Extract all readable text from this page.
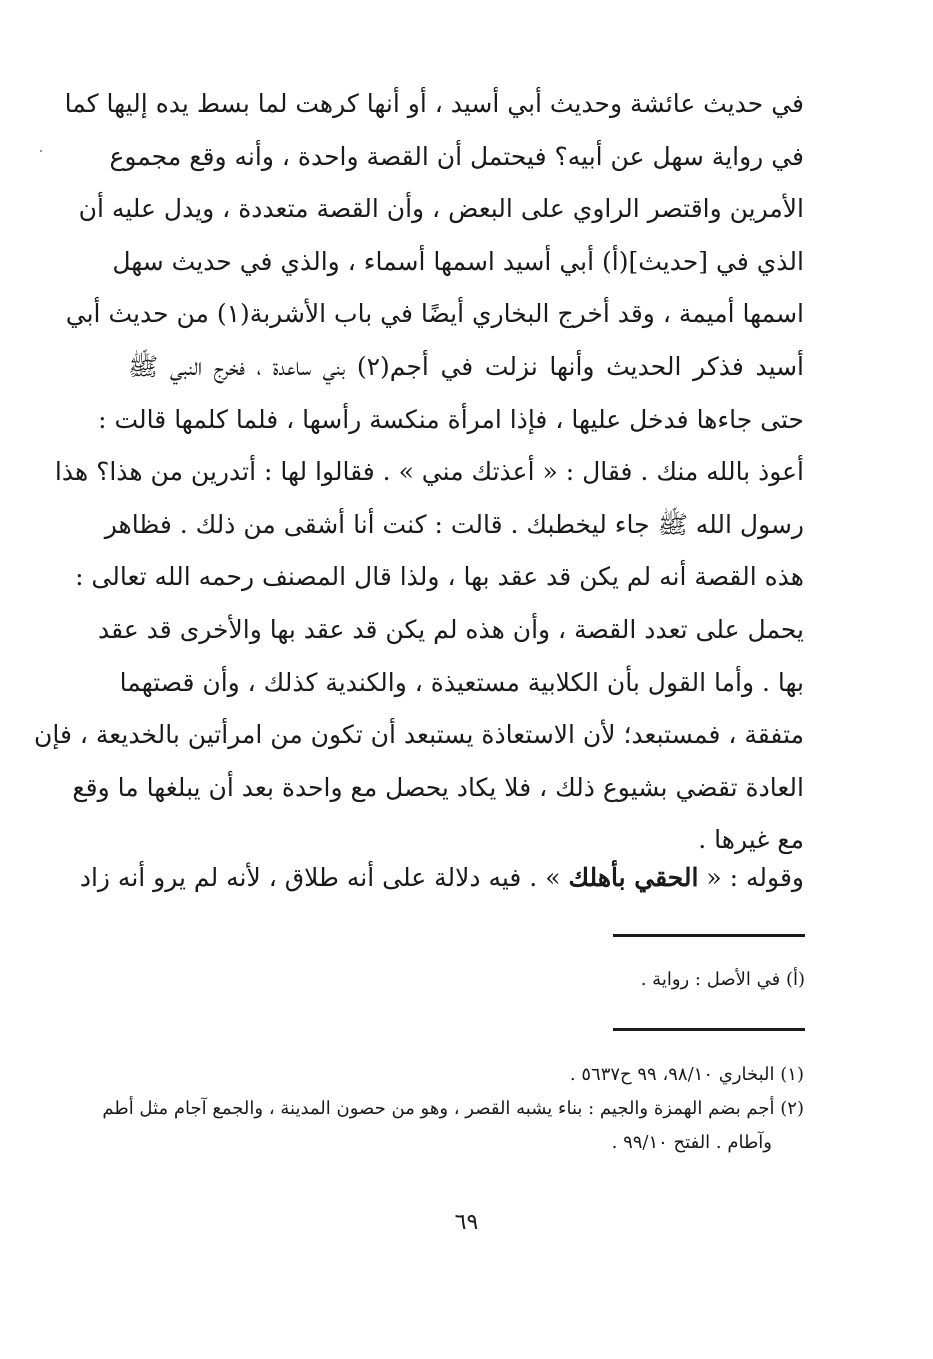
في حديث عائشة وحديث أبي أسيد ، أو أنها كرهت لما بسط يده إليها كما
في رواية سهل عن أبيه؟ فيحتمل أن القصة واحدة ، وأنه وقع مجموع
الأمرين واقتصر الراوي على البعض ، وأن القصة متعددة ، ويدل عليه أن
الذي في [حديث](أ) أبي أسيد اسمها أسماء ، والذي في حديث سهل
اسمها أميمة ، وقد أخرج البخاري أيضًا في باب الأشربة(١) من حديث أبي
أسيد فذكر الحديث وأنها نزلت في أجم(٢) بني ساعدة ، فخرج النبي ﷺ
حتى جاءها فدخل عليها ، فإذا امرأة منكسة رأسها ، فلما كلمها قالت :
أعوذ بالله منك . فقال : « أعذتك مني » . فقالوا لها : أتدرين من هذا؟ هذا
رسول الله ﷺ جاء ليخطبك . قالت : كنت أنا أشقى من ذلك . فظاهر
هذه القصة أنه لم يكن قد عقد بها ، ولذا قال المصنف رحمه الله تعالى :
يحمل على تعدد القصة ، وأن هذه لم يكن قد عقد بها والأخرى قد عقد
بها . وأما القول بأن الكلابية مستعيذة ، والكندية كذلك ، وأن قصتهما
متفقة ، فمستبعد؛ لأن الاستعاذة يستبعد أن تكون من امرأتين بالخديعة ، فإن
العادة تقضي بشيوع ذلك ، فلا يكاد يحصل مع واحدة بعد أن يبلغها ما وقع
مع غيرها .
وقوله : « الحقي بأهلك » . فيه دلالة على أنه طلاق ، لأنه لم يرو أنه زاد
(أ) في الأصل : رواية .
(١) البخاري ٩٨/١٠، ٩٩ ح٥٦٣٧ .
(٢) أجم بضم الهمزة والجيم : بناء يشبه القصر ، وهو من حصون المدينة ، والجمع آجام مثل أطم
وآطام . الفتح ٩٩/١٠ .
٦٩
